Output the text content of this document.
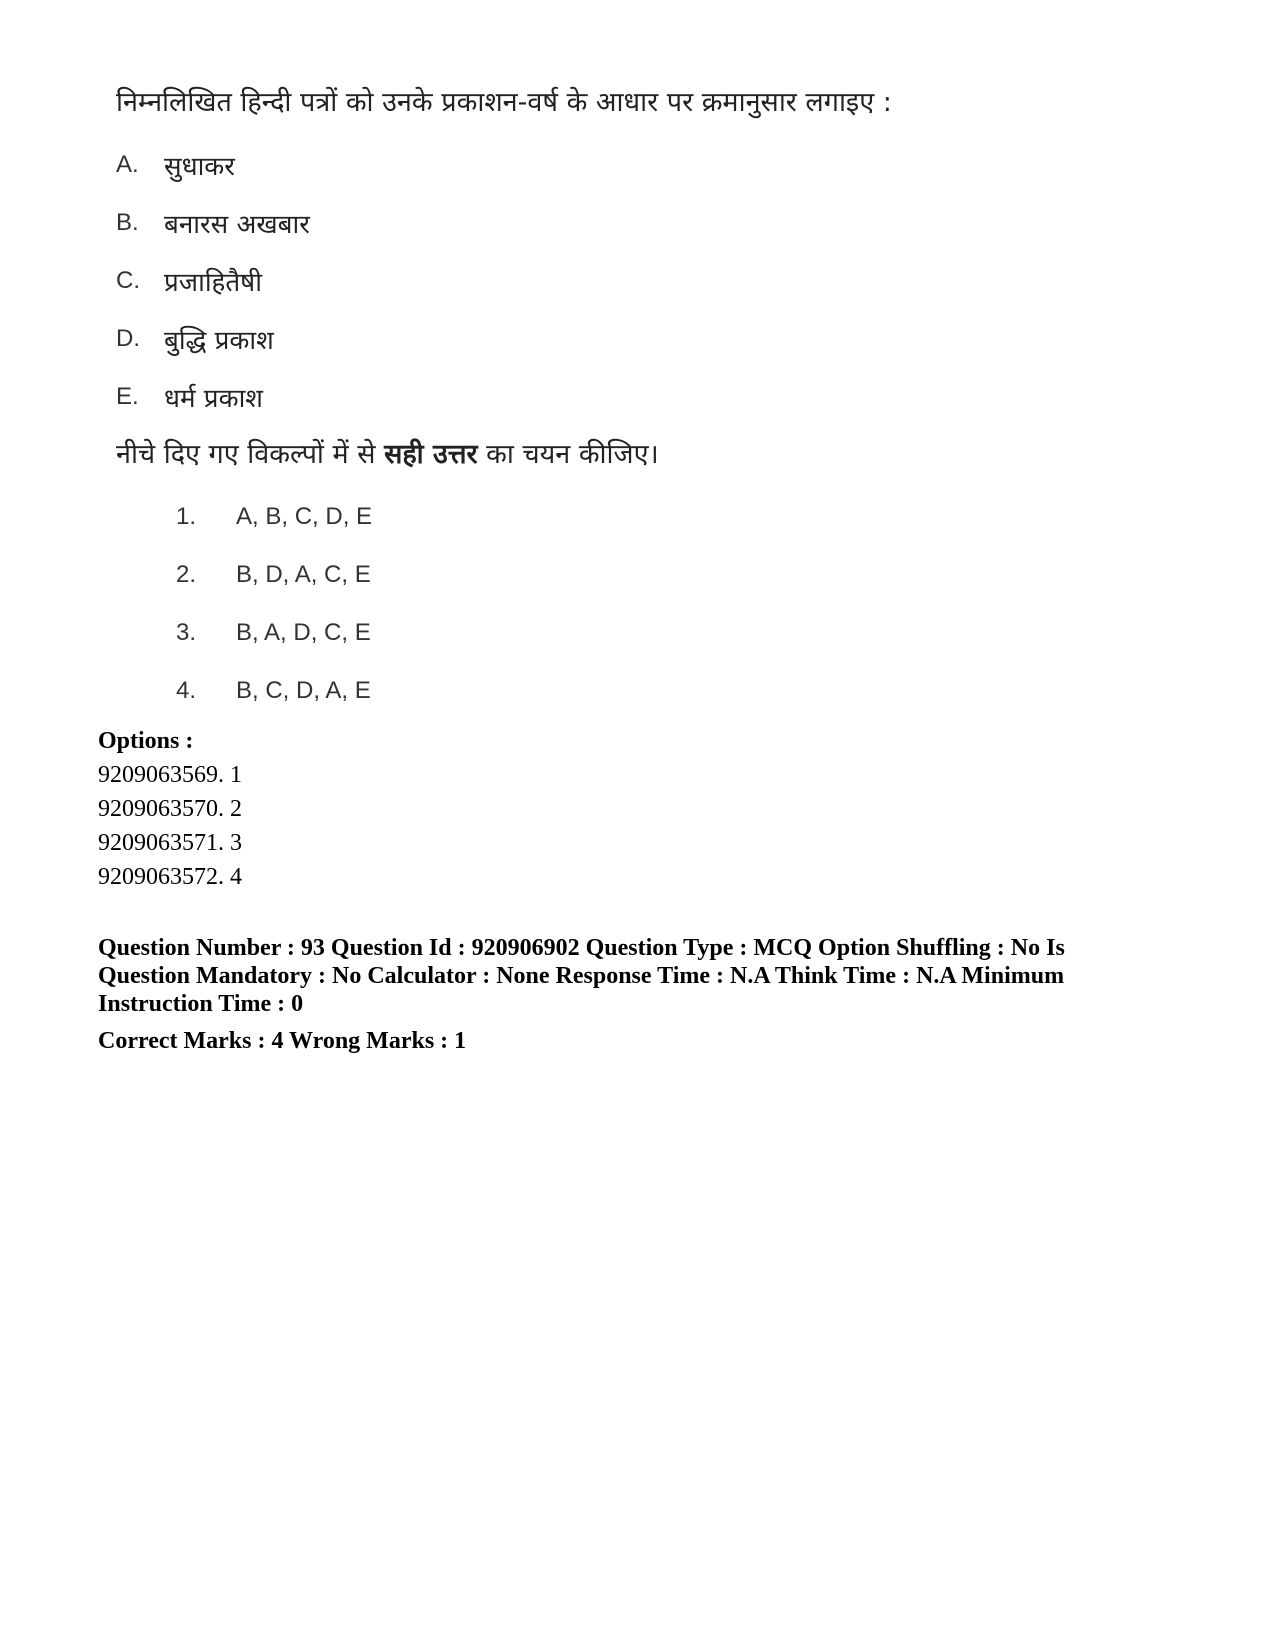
निम्नलिखित हिन्दी पत्रों को उनके प्रकाशन-वर्ष के आधार पर क्रमानुसार लगाइए :
A. सुधाकर
B. बनारस अखबार
C. प्रजाहितैषी
D. बुद्धि प्रकाश
E. धर्म प्रकाश
नीचे दिए गए विकल्पों में से सही उत्तर का चयन कीजिए।
1.	A, B, C, D, E
2.	B, D, A, C, E
3.	B, A, D, C, E
4.	B, C, D, A, E
Options :
9209063569. 1
9209063570. 2
9209063571. 3
9209063572. 4
Question Number : 93 Question Id : 920906902 Question Type : MCQ Option Shuffling : No Is Question Mandatory : No Calculator : None Response Time : N.A Think Time : N.A Minimum Instruction Time : 0
Correct Marks : 4 Wrong Marks : 1
